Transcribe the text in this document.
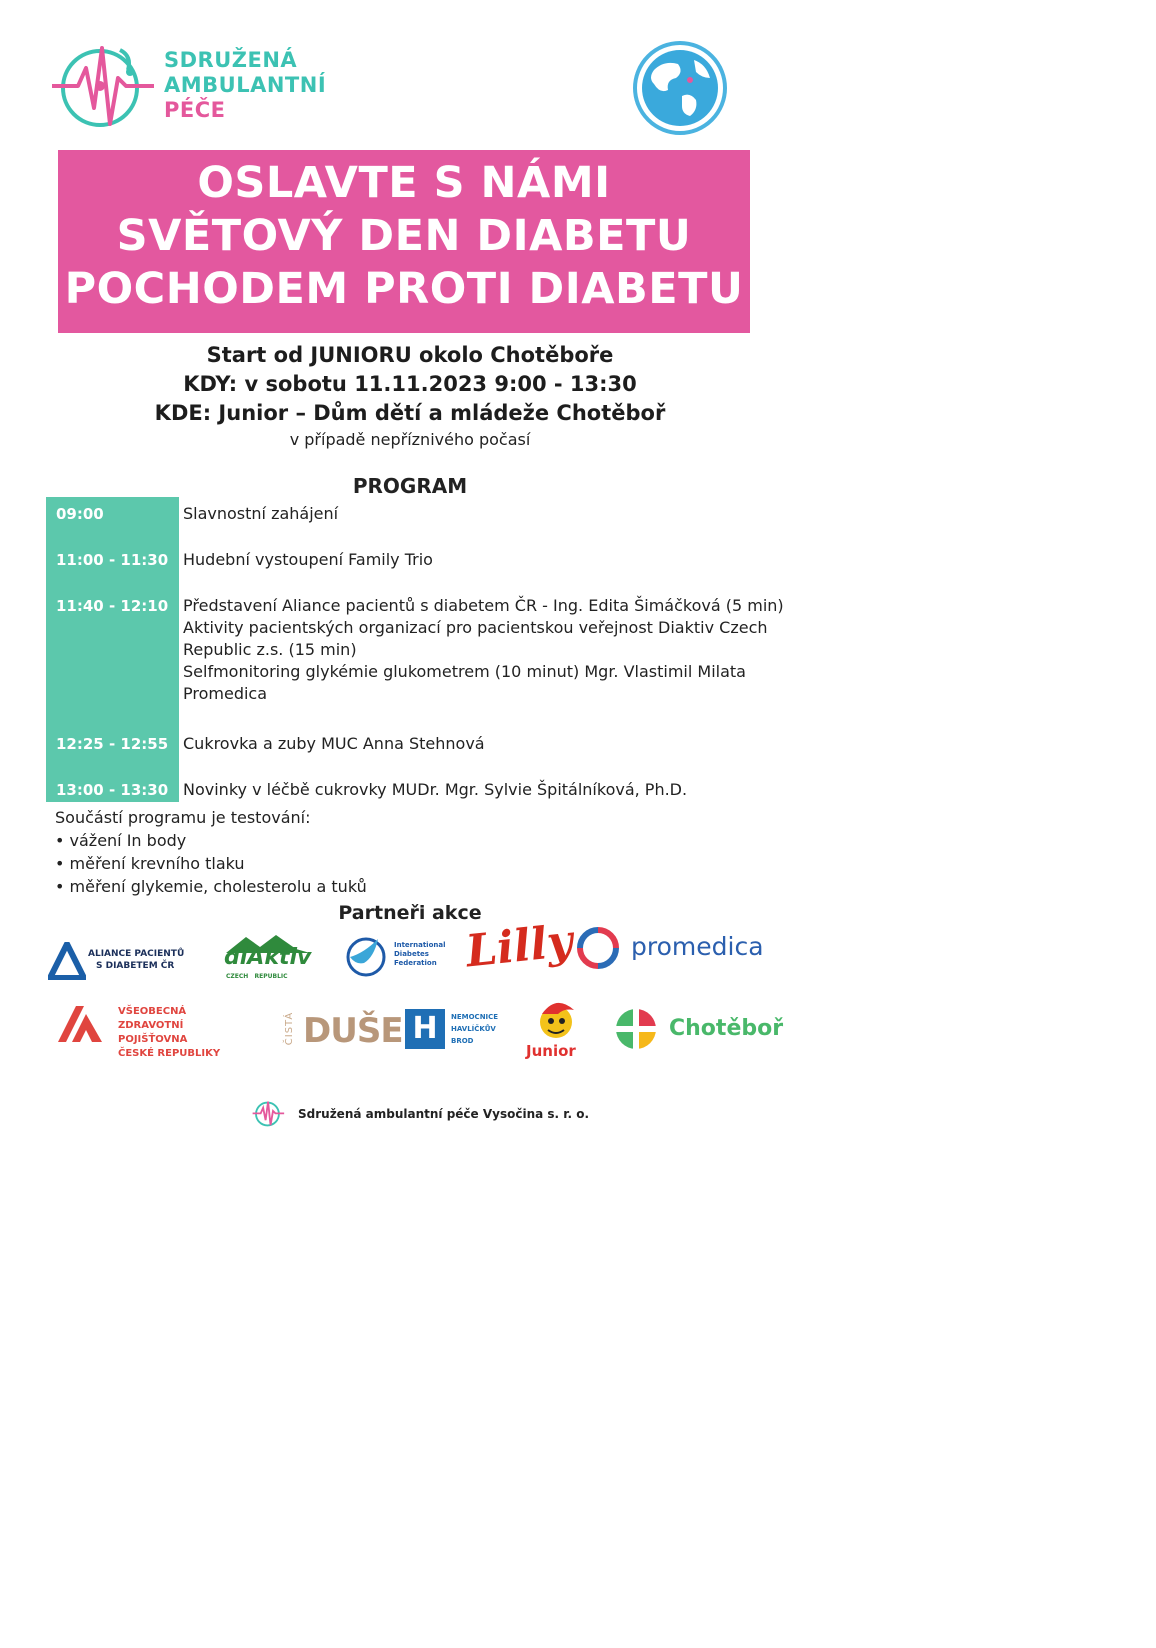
SDRUŽENÁ
AMBULANTNÍ
PÉČE
OSLAVTE S NÁMI
SVĚTOVÝ DEN DIABETU
POCHODEM PROTI DIABETU
Start od JUNIORU okolo Chotěboře
KDY: v sobotu 11.11.2023 9:00 - 13:30
KDE: Junior – Dům dětí a mládeže Chotěboř
v případě nepříznivého počasí
PROGRAM
09:00	Slavnostní zahájení
11:00 - 11:30 Hudební vystoupení Family Trio
11:40 - 12:10 Představení Aliance pacientů s diabetem ČR - Ing. Edita Šimáčková (5 min)
Aktivity pacientských organizací pro pacientskou veřejnost Diaktiv Czech
Republic z.s. (15 min)
Selfmonitoring glykémie glukometrem (10 minut) Mgr. Vlastimil Milata
Promedica
12:25 - 12:55 Cukrovka a zuby MUC Anna Stehnová
13:00 - 13:30 Novinky v léčbě cukrovky MUDr. Mgr. Sylvie Špitálníková, Ph.D.
Součástí programu je testování:
• vážení In body
• měření krevního tlaku
• měření glykemie, cholesterolu a tuků
Partneři akce
ALIANCE PACIENTŮ
S DIABETEM ČR	diAktiv
CZECH   REPUBLIC
International
Diabetes
Federation Lilly promedica
VŠEOBECNÁ
ZDRAVOTNÍ POJIŠŤOVNA
ČESKÉ REPUBLIKY
ČISTÁ DUŠE H	NEMOCNICE
HAVLÍČKŮV
BROD
Junior
Chotěboř
Sdružená ambulantní péče Vysočina s. r. o.
